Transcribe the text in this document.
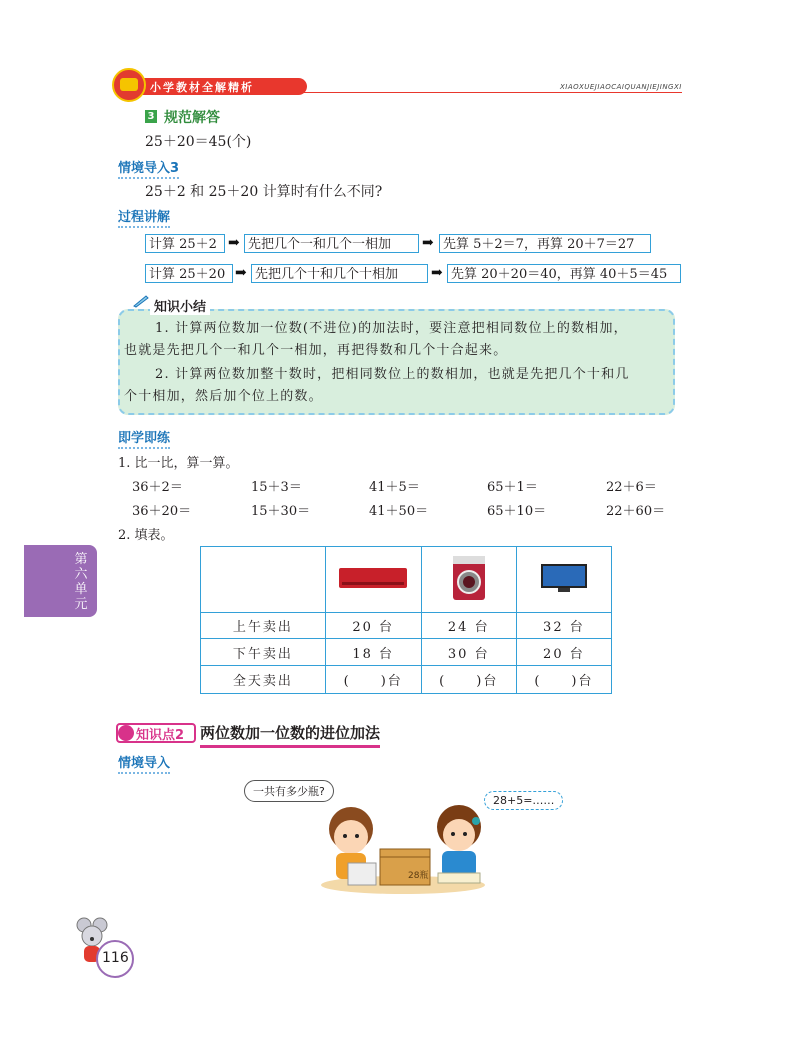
小学教材全解精析	XIAOXUEJIAOCAIQUANJIEJINGXI
3 规范解答
25＋20＝45(个)
情境导入3
25＋2 和 25＋20 计算时有什么不同?
过程讲解
计算 25＋2 ➡ 先把几个一和几个一相加	➡ 先算 5＋2＝7，再算 20＋7＝27
计算 25＋20 ➡ 先把几个十和几个十相加	➡ 先算 20＋20＝40，再算 40＋5＝45
知识小结
1. 计算两位数加一位数(不进位)的加法时，要注意把相同数位上的数相加，
也就是先把几个一和几个一相加，再把得数和几个十合起来。
2. 计算两位数加整十数时，把相同数位上的数相加，也就是先把几个十和几
个十相加，然后加个位上的数。
即学即练
1. 比一比，算一算。
36＋2＝	15＋3＝	41＋5＝	65＋1＝	22＋6＝
36＋20＝	15＋30＝	41＋50＝	65＋10＝	22＋60＝
2. 填表。
第六单元

上午卖出	20 台	24 台	32 台
下午卖出	18 台	30 台	20 台
全天卖出	(　　)台	(　　)台	(　　)台
知识点2 两位数加一位数的进位加法
情境导入
一共有多少瓶?
28+5=……
28瓶
116
